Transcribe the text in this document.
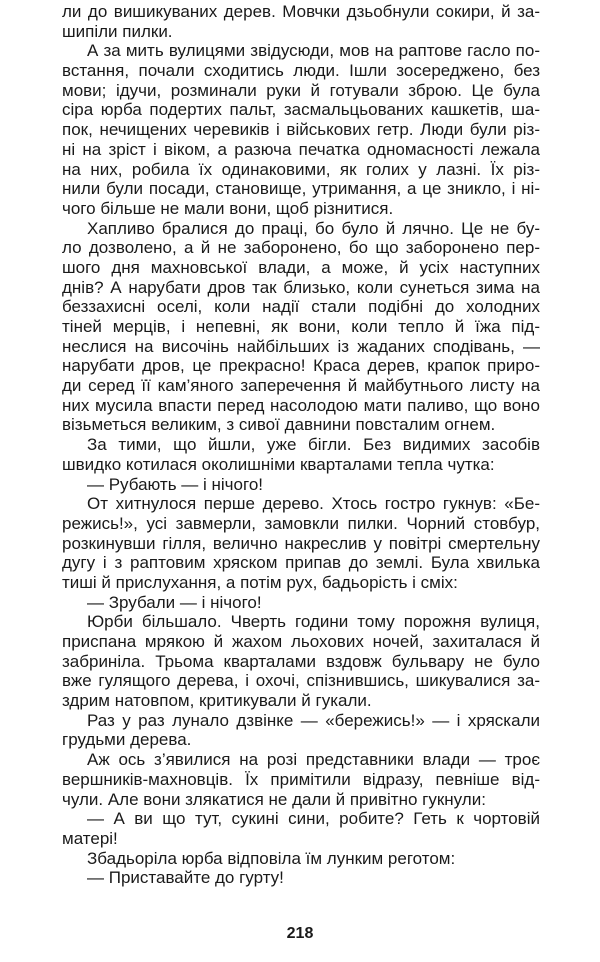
ли до вишикуваних дерев. Мовчки дзьобнули сокири, й за-
шипіли пилки.
А за мить вулицями звідусюди, мов на раптове гасло по-
встання, почали сходитись люди. Ішли зосереджено, без
мови; ідучи, розминали руки й готували зброю. Це була
сіра юрба подертих пальт, засмальцьованих кашкетів, ша-
пок, нечищених черевиків і військових гетр. Люди були різ-
ні на зріст і віком, а разюча печатка одномасності лежала
на них, робила їх одинаковими, як голих у лазні. Їх різ-
нили були посади, становище, утримання, а це зникло, і ні-
чого більше не мали вони, щоб різнитися.
Хапливо бралися до праці, бо було й лячно. Це не бу-
ло дозволено, а й не заборонено, бо що заборонено пер-
шого дня махновської влади, а може, й усіх наступних
днів? А нарубати дров так близько, коли сунеться зима на
беззахисні оселі, коли надії стали подібні до холодних
тіней мерців, і непевні, як вони, коли тепло й їжа під-
неслися на височінь найбільших із жаданих сподівань, —
нарубати дров, це прекрасно! Краса дерев, крапок приро-
ди серед її кам’яного заперечення й майбутнього листу на
них мусила впасти перед насолодою мати паливо, що воно
візьметься великим, з сивої давнини повсталим огнем.
За тими, що йшли, уже бігли. Без видимих засобів
швидко котилася околишніми кварталами тепла чутка:
— Рубають — і нічого!
От хитнулося перше дерево. Хтось гостро гукнув: «Бе-
режись!», усі завмерли, замовкли пилки. Чорний стовбур,
розкинувши гілля, велично накреслив у повітрі смертельну
дугу і з раптовим хряском припав до землі. Була хвилька
тиші й прислухання, а потім рух, бадьорість і сміх:
— Зрубали — і нічого!
Юрби більшало. Чверть години тому порожня вулиця,
приспана мрякою й жахом льохових ночей, захиталася й
забриніла. Трьома кварталами вздовж бульвару не було
вже гулящого дерева, і охочі, спізнившись, шикувалися за-
здрим натовпом, критикували й гукали.
Раз у раз лунало дзвінке — «бережись!» — і хряскали
грудьми дерева.
Аж ось з’явилися на розі представники влади — троє
вершників-махновців. Їх примітили відразу, певніше від-
чули. Але вони злякатися не дали й привітно гукнули:
— А ви що тут, сукині сини, робите? Геть к чортовій
матері!
Збадьоріла юрба відповіла їм лунким реготом:
— Приставайте до гурту!
218
